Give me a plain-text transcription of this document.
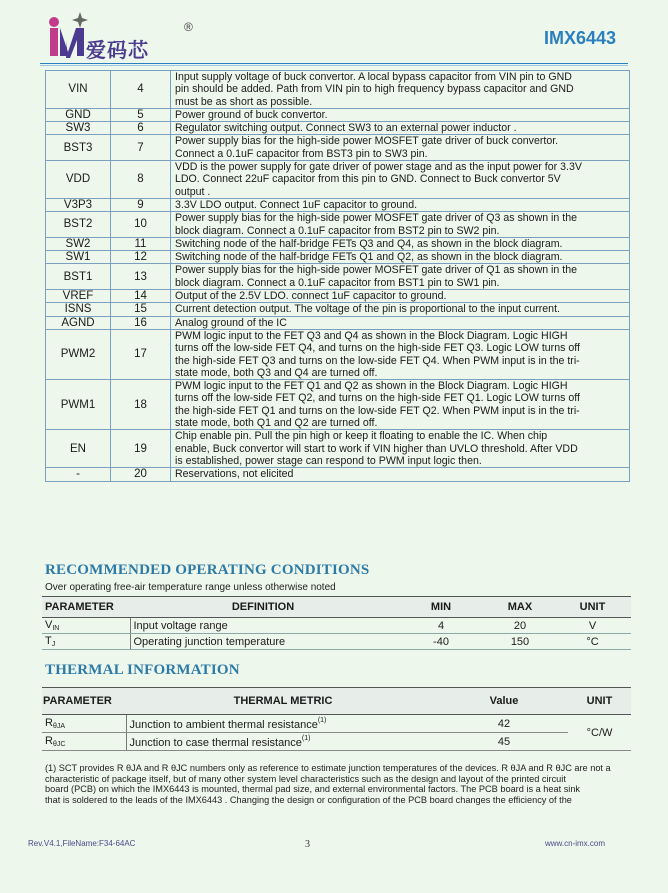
爱码芯
®
IMX6443
VIN	4	Input supply voltage of buck convertor. A local bypass capacitor from VIN pin to GND
pin should be added. Path from VIN pin to high frequency bypass capacitor and GND
must be as short as possible.

GND	5	Power ground of buck convertor.

SW3	6	Regulator switching output. Connect SW3 to an external power inductor .

BST3	7	Power supply bias for the high-side power MOSFET gate driver of buck convertor.
Connect a 0.1uF capacitor from BST3 pin to SW3 pin.

VDD	8	VDD is the power supply for gate driver of power stage and as the input power for 3.3V
LDO. Connect 22uF capacitor from this pin to GND. Connect to Buck convertor 5V
output .

V3P3	9	3.3V LDO output. Connect 1uF capacitor to ground.

BST2	10	Power supply bias for the high-side power MOSFET gate driver of Q3 as shown in the
block diagram. Connect a 0.1uF capacitor from BST2 pin to SW2 pin.

SW2	11	Switching node of the half-bridge FETs Q3 and Q4, as shown in the block diagram.

SW1	12	Switching node of the half-bridge FETs Q1 and Q2, as shown in the block diagram.

BST1	13	Power supply bias for the high-side power MOSFET gate driver of Q1 as shown in the
block diagram. Connect a 0.1uF capacitor from BST1 pin to SW1 pin.

VREF	14	Output of the 2.5V LDO. connect 1uF capacitor to ground.

ISNS	15	Current detection output. The voltage of the pin is proportional to the input current.

AGND	16	Analog ground of the IC

PWM2	17	PWM logic input to the FET Q3 and Q4 as shown in the Block Diagram. Logic HIGH
turns off the low-side FET Q4, and turns on the high-side FET Q3. Logic LOW turns off
the high-side FET Q3 and turns on the low-side FET Q4. When PWM input is in the tri-
state mode, both Q3 and Q4 are turned off.

PWM1	18	PWM logic input to the FET Q1 and Q2 as shown in the Block Diagram. Logic HIGH
turns off the low-side FET Q2, and turns on the high-side FET Q1. Logic LOW turns off
the high-side FET Q1 and turns on the low-side FET Q2. When PWM input is in the tri-
state mode, both Q1 and Q2 are turned off.

EN	19	Chip enable pin. Pull the pin high or keep it floating to enable the IC. When chip
enable, Buck convertor will start to work if VIN higher than UVLO threshold. After VDD
is established, power stage can respond to PWM input logic then.

-	20	Reservations, not elicited
RECOMMENDED OPERATING CONDITIONS
Over operating free-air temperature range unless otherwise noted
PARAMETER	DEFINITION	MIN	MAX	UNIT
$V_{IN}$	Input voltage range	4	20	V
$T_J$	Operating junction temperature	-40	150	°C
THERMAL INFORMATION
PARAMETER	THERMAL METRIC	Value	UNIT
$R_{\theta JA}$	Junction to ambient thermal resistance$^{(1)}$	42	°C/W
$R_{\theta JC}$	Junction to case thermal resistance$^{(1)}$	45	
(1) SCT provides R θJA and R θJC numbers only as reference to estimate junction temperatures of the devices. R θJA and R θJC are not a
characteristic of package itself, but of many other system level characteristics such as the design and layout of the printed circuit
board (PCB) on which the IMX6443 is mounted, thermal pad size, and external environmental factors. The PCB board is a heat sink
that is soldered to the leads of the IMX6443 . Changing the design or configuration of the PCB board changes the efficiency of the
Rev.V4.1,FileName:F34-64AC	3	www.cn-imx.com
